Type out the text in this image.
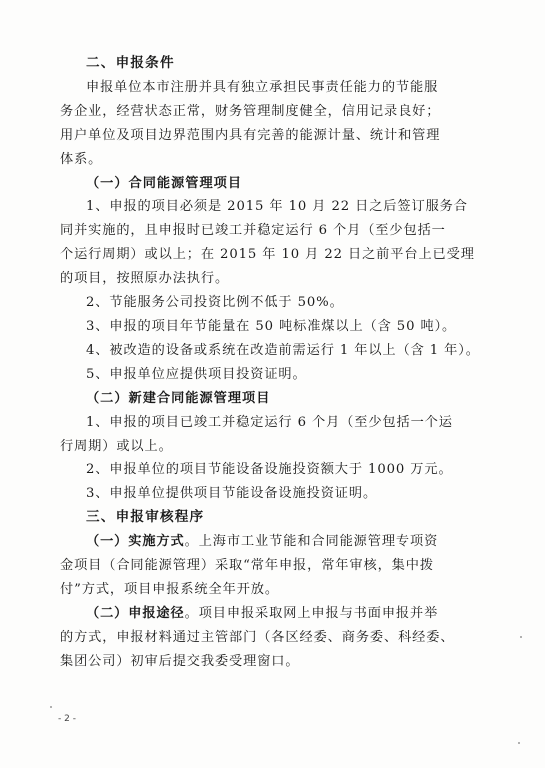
二、申报条件
申报单位本市注册并具有独立承担民事责任能力的节能服
务企业，经营状态正常，财务管理制度健全，信用记录良好；
用户单位及项目边界范围内具有完善的能源计量、统计和管理
体系。
（一）合同能源管理项目
1、申报的项目必须是 2015 年 10 月 22 日之后签订服务合
同并实施的，且申报时已竣工并稳定运行 6 个月（至少包括一
个运行周期）或以上；在 2015 年 10 月 22 日之前平台上已受理
的项目，按照原办法执行。
2、节能服务公司投资比例不低于 50%。
3、申报的项目年节能量在 50 吨标准煤以上（含 50 吨）。
4、被改造的设备或系统在改造前需运行 1 年以上（含 1 年）。
5、申报单位应提供项目投资证明。
（二）新建合同能源管理项目
1、申报的项目已竣工并稳定运行 6 个月（至少包括一个运
行周期）或以上。
2、申报单位的项目节能设备设施投资额大于 1000 万元。
3、申报单位提供项目节能设备设施投资证明。
三、申报审核程序
（一）实施方式。上海市工业节能和合同能源管理专项资
金项目（合同能源管理）采取“常年申报，常年审核，集中拨
付”方式，项目申报系统全年开放。
（二）申报途径。项目申报采取网上申报与书面申报并举
的方式，申报材料通过主管部门（各区经委、商务委、科经委、
集团公司）初审后提交我委受理窗口。
- 2 -
